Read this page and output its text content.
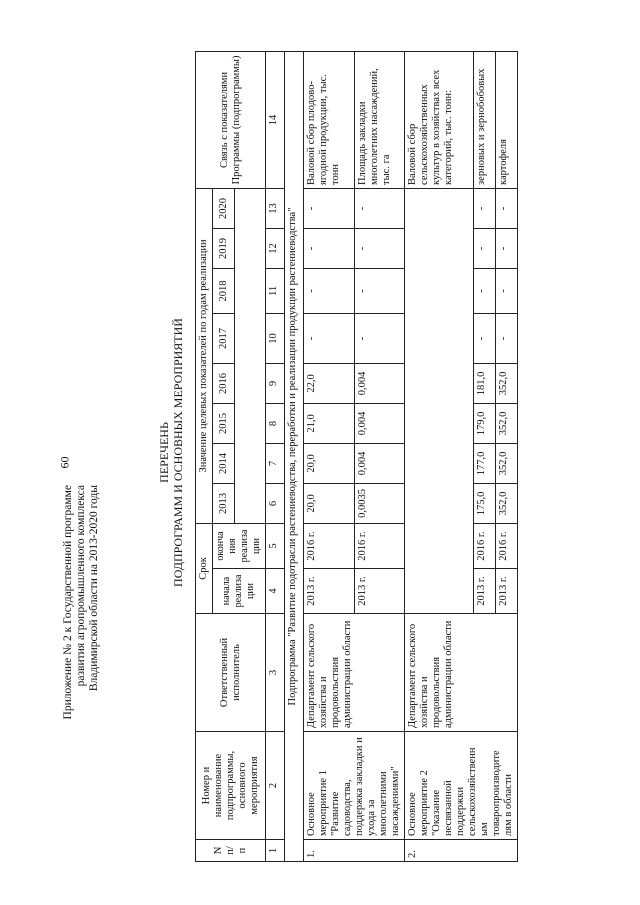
60
Приложение № 2 к Государственной программе развития агропромышленного комплекса Владимирской области на 2013-2020 годы
ПЕРЕЧЕНЬ ПОДПРОГРАММ И ОСНОВНЫХ МЕРОПРИЯТИЙ
N п/ п	Номер и наименование подпрограммы, основного мероприятия	Ответственный исполнитель	Срок		Значение целевых показателей по годам реализации								Связь с показателями Программы (подпрограммы)
			начала реализа ции	оконча ния реализа ции	2013	2014	2015	2016	2017	2018	2019	2020	

1	2	3	4	5	6	7	8	9	10	11	12	13	14
Подпрограмма "Развитие подотрасли растениеводства, переработки и реализации продукции растениеводства"													
1.	Основное мероприятие 1 "Развитие садоводства, поддержка закладки и ухода за многолетними насаждениями"	Департамент сельского хозяйства и продовольствия администрации области	2013 г.	2016 г.	20,0	20,0	21,0	22,0	-	-	-	-	Валовой сбор плодово-ягодной продукции, тыс. тонн
			2013 г.	2016 г.	0,0035	0,004	0,004	0,004	-	-	-	-	Площадь закладки многолетних насаждений, тыс. га
2.	Основное мероприятие 2 "Оказание несвязанной поддержки сельскохозяйственн ым товаропроизводите лям в области	Департамент сельского хозяйства и продовольствия администрации области											Валовой сбор сельскохозяйственных культур в хозяйствах всех категорий, тыс. тонн:
			2013 г.	2016 г.	175,0	177,0	179,0	181,0	-	-	-	-	зерновых и зернобобовых
			2013 г.	2016 г.	352,0	352,0	352,0	352,0	-	-	-	-	картофеля
